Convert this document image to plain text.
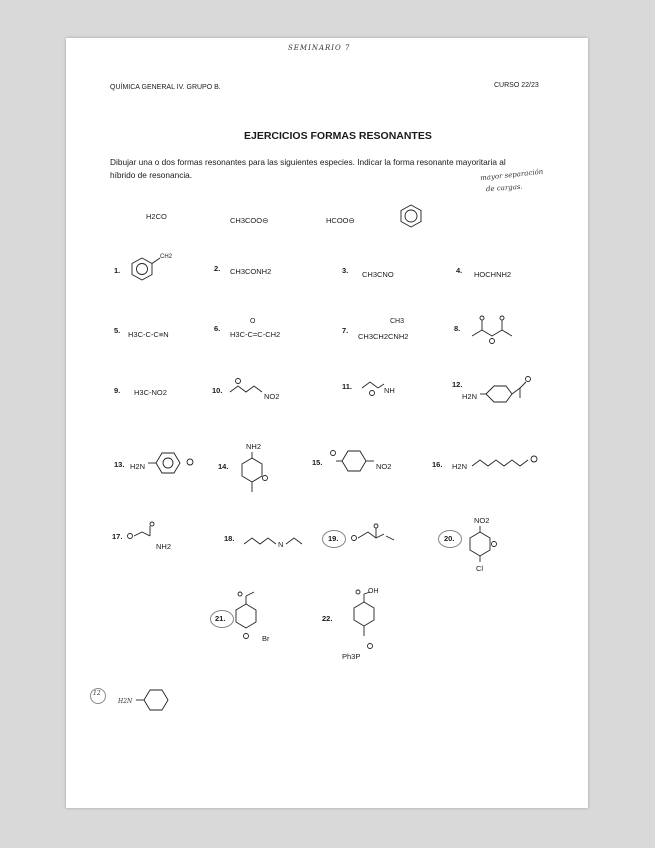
SEMINARIO 7
QUÍMICA GENERAL IV. GRUPO B.	CURSO 22/23
EJERCICIOS FORMAS RESONANTES
Dibujar una o dos formas resonantes para las siguientes especies. Indicar la forma resonante mayoritaria al
híbrido de resonancia.	mayor separación
de cargas.
H2CO	CH3COO⊖	HCOO⊖
1.
CH2
2. CH3CONH2	3. CH3CNO	4. HOCHNH2
5. H3C-C-C≡N
6.
O
H3C-C=C-CH2	7.
CH3
CH3CH2CNH2
8.
9. H3C-NO2	10.
NO2
11.	NH
12.
H2N
13. H2N	14.
NH2
15.	NO2	16. H2N
17.
NH2
18.
N
19.	20.
NO2
Cl
21.
Br
22.
OH
Ph3P
12
H2N
